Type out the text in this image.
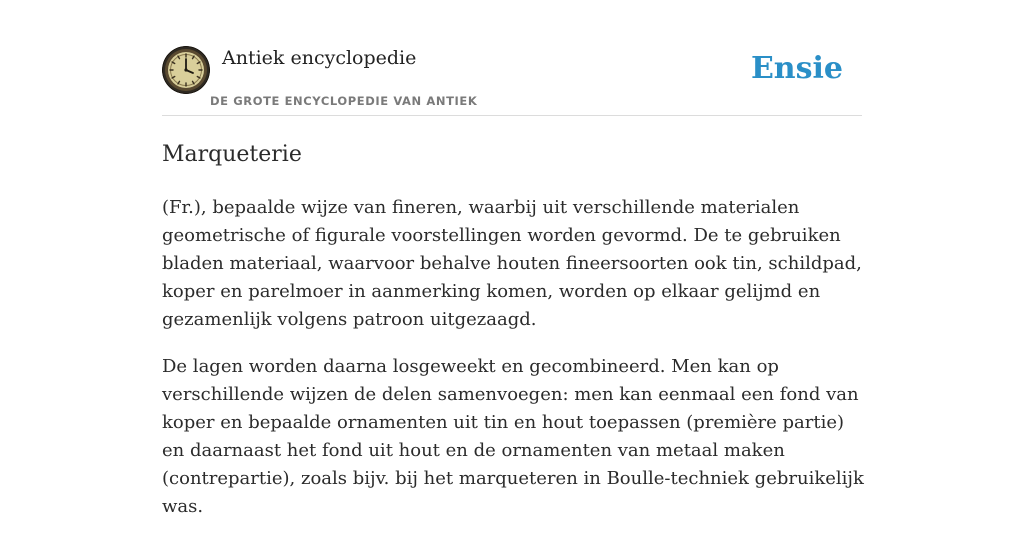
Antiek encyclopedie
DE GROTE ENCYCLOPEDIE VAN ANTIEK
Ensie
Marqueterie

(Fr.), bepaalde wijze van fineren, waarbij uit verschillende materialen geometrische of figurale voorstellingen worden gevormd. De te gebruiken bladen materiaal, waarvoor behalve houten fineersoorten ook tin, schildpad, koper en parelmoer in aanmerking komen, worden op elkaar gelijmd en gezamenlijk volgens patroon uitgezaagd.

De lagen worden daarna losgeweekt en gecombineerd. Men kan op verschillende wijzen de delen samenvoegen: men kan eenmaal een fond van koper en bepaalde ornamenten uit tin en hout toepassen (première partie) en daarnaast het fond uit hout en de ornamenten van metaal maken (contrepartie), zoals bijv. bij het marqueteren in Boulle-techniek gebruikelijk was.
